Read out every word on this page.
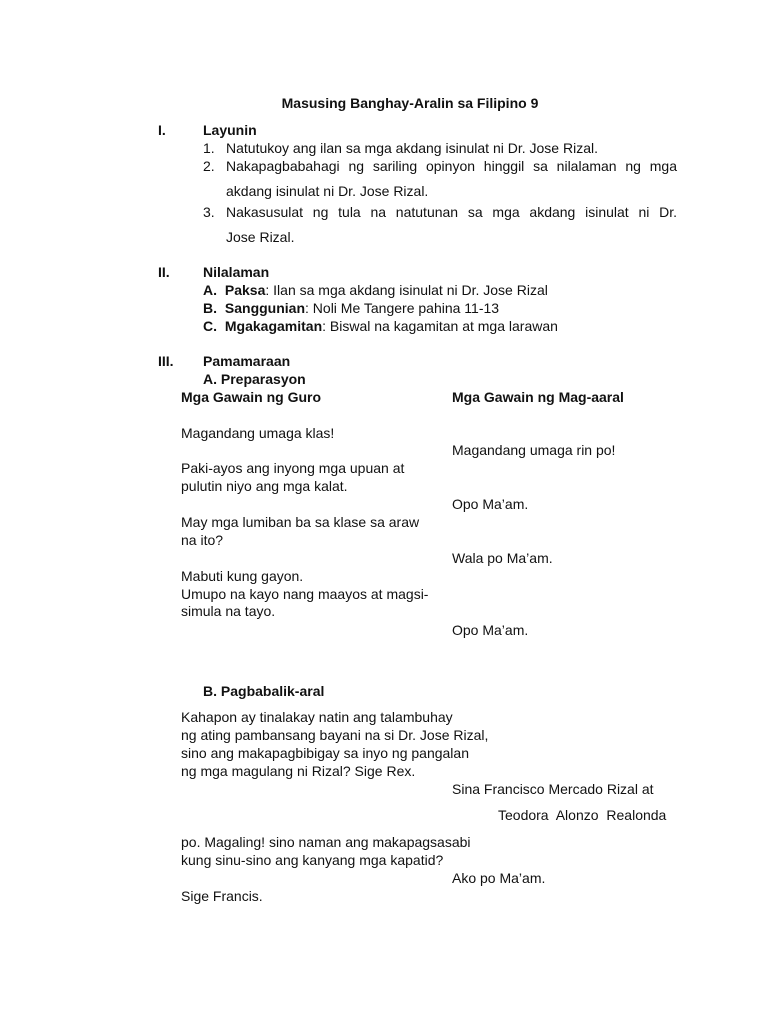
Masusing Banghay-Aralin sa Filipino 9
I.	Layunin
1. Natutukoy ang ilan sa mga akdang isinulat ni Dr. Jose Rizal.
2. Nakapagbabahagi ng sariling opinyon hinggil sa nilalaman ng mga
akdang isinulat ni Dr. Jose Rizal.
3. Nakasusulat ng tula na natutunan sa mga akdang isinulat ni Dr.
Jose Rizal.
II. Nilalaman
A. Paksa: Ilan sa mga akdang isinulat ni Dr. Jose Rizal
B. Sanggunian: Noli Me Tangere pahina 11-13
C. Mgakagamitan: Biswal na kagamitan at mga larawan
III. Pamamaraan
A. Preparasyon
Mga Gawain ng Guro	Mga Gawain ng Mag-aaral
Magandang umaga klas!
Magandang umaga rin po!
Paki-ayos ang inyong mga upuan at
pulutin niyo ang mga kalat.
Opo Ma’am.
May mga lumiban ba sa klase sa araw
na ito?
Wala po Ma’am.
Mabuti kung gayon.
Umupo na kayo nang maayos at magsi-
simula na tayo.
Opo Ma’am.
B. Pagbabalik-aral
Kahapon ay tinalakay natin ang talambuhay
ng ating pambansang bayani na si Dr. Jose Rizal,
sino ang makapagbibigay sa inyo ng pangalan
ng mga magulang ni Rizal? Sige Rex.
Sina Francisco Mercado Rizal at
Teodora Alonzo Realonda
po. Magaling! sino naman ang makapagsasabi
kung sinu-sino ang kanyang mga kapatid?
Ako po Ma’am.
Sige Francis.
